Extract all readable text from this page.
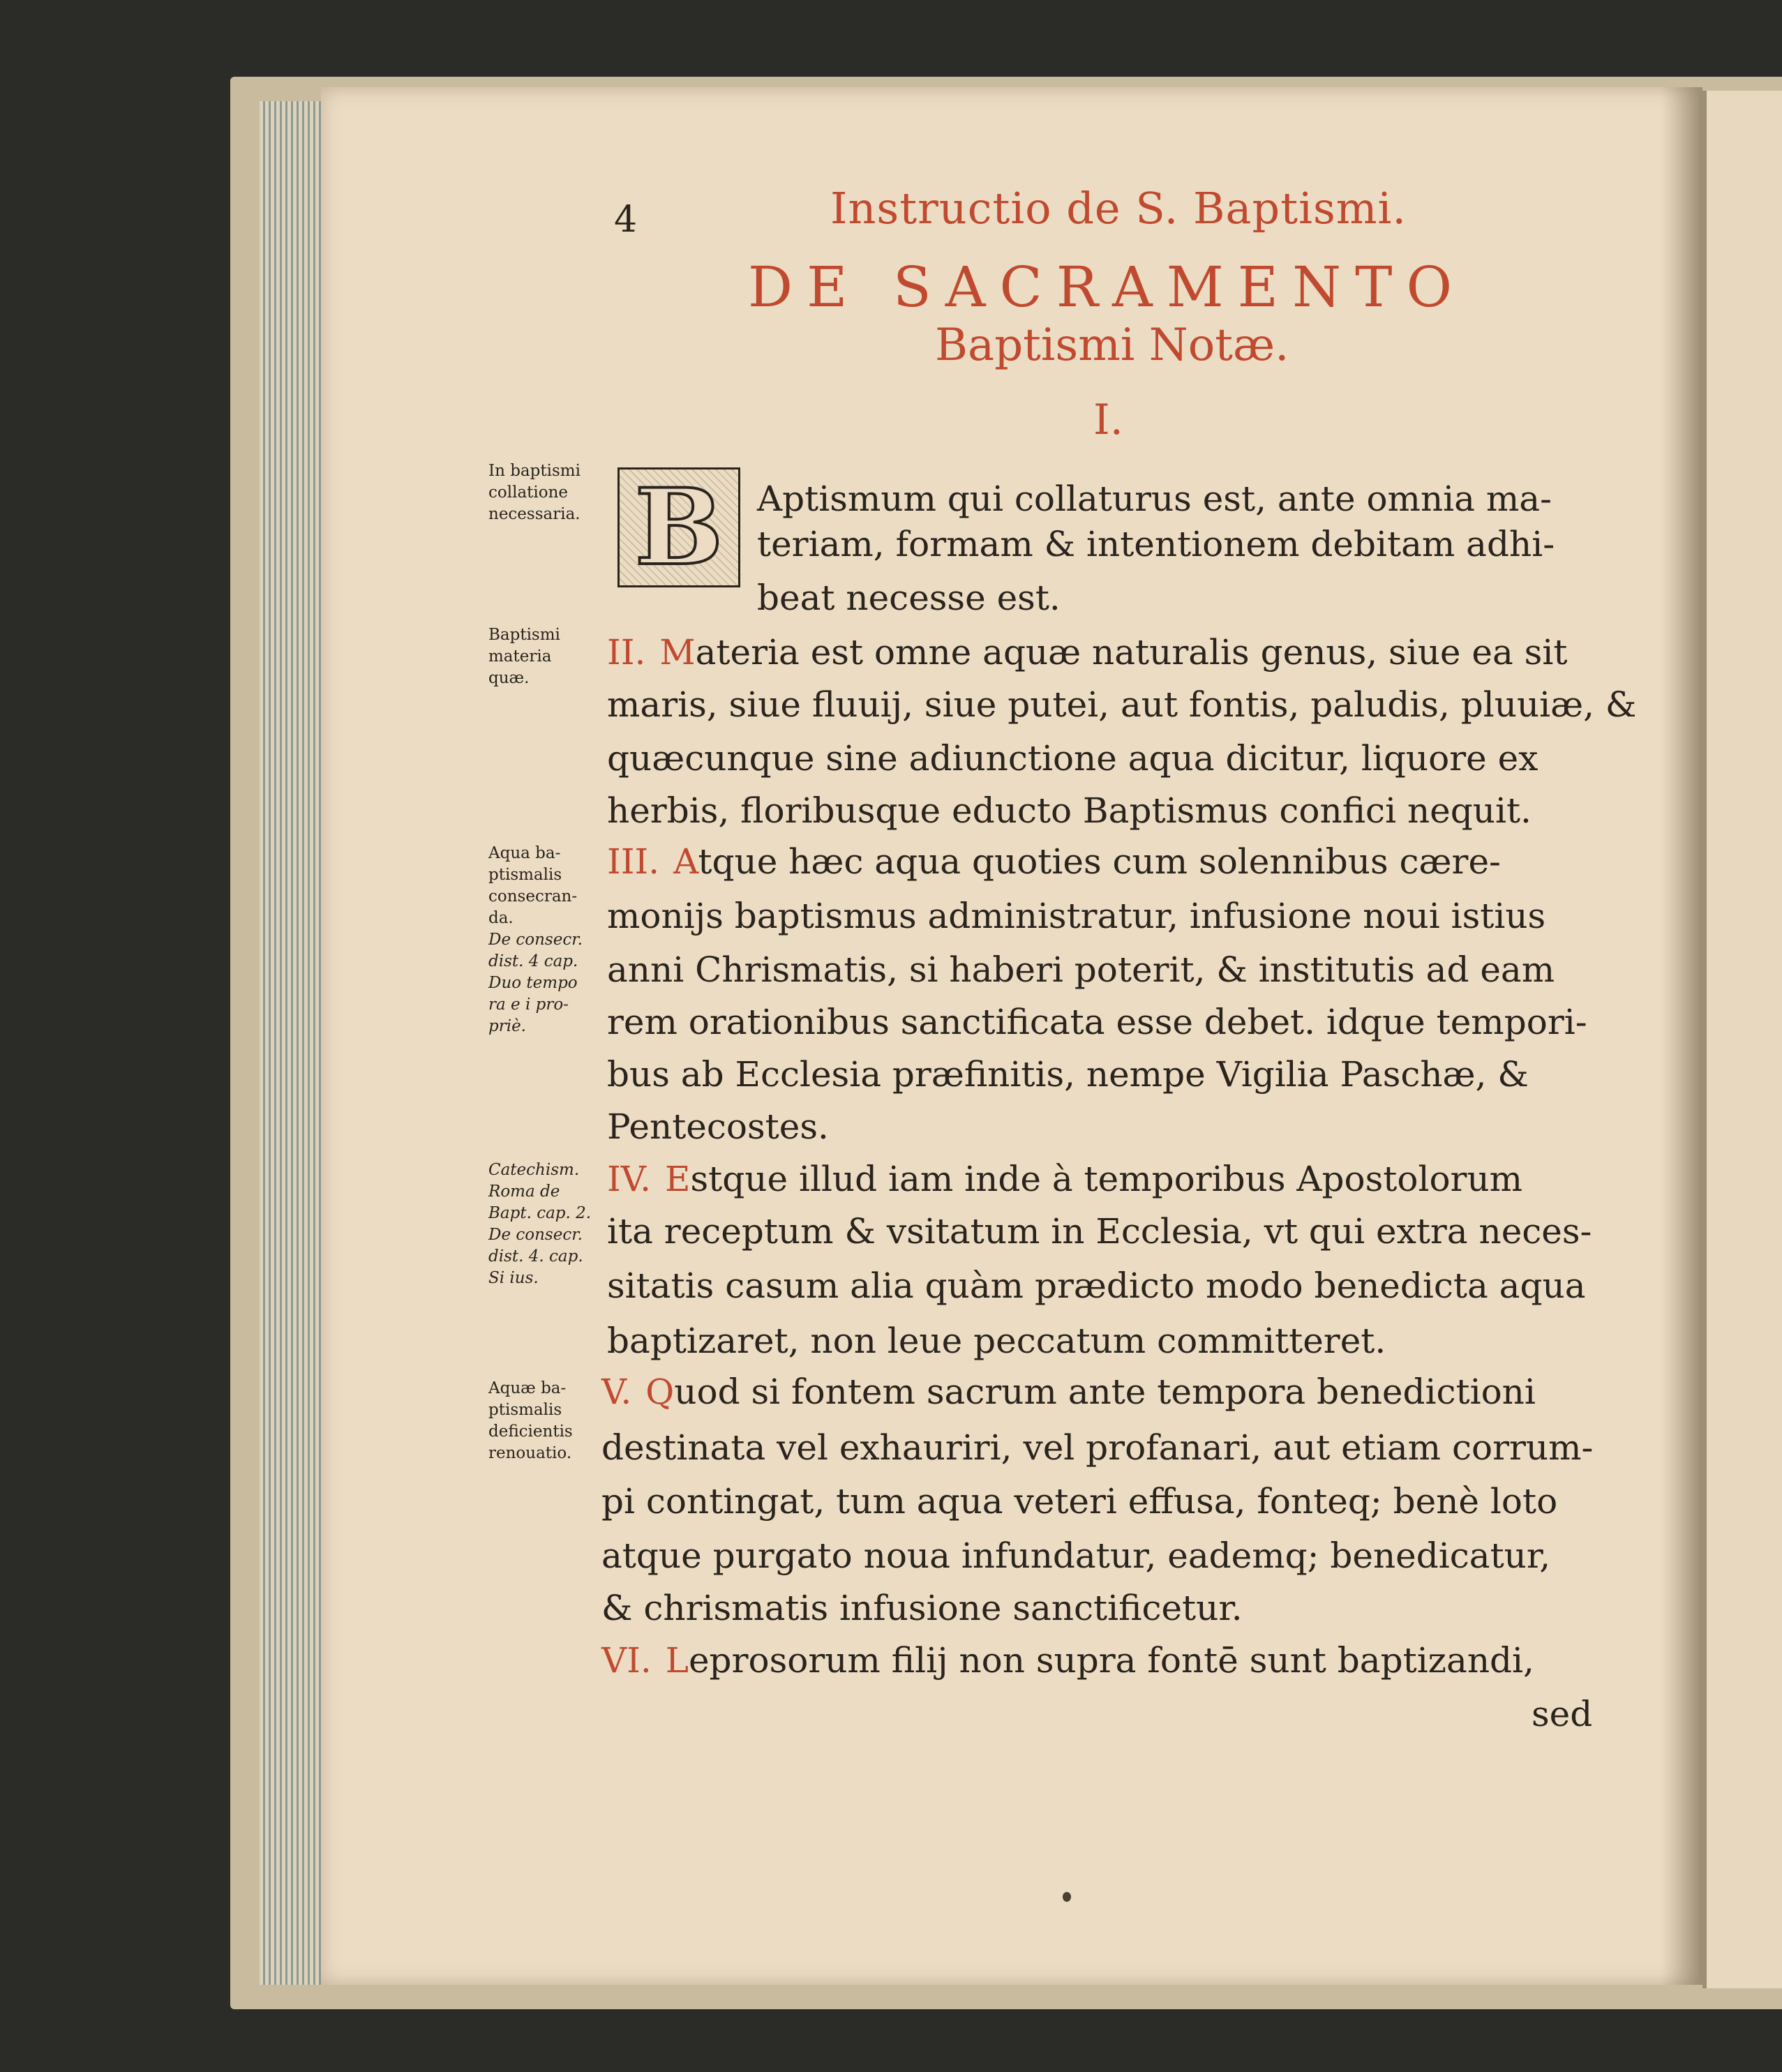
4	Instructio de S. Baptismi.
DE SACRAMENTO
Baptismi Notæ.
I.
B
In baptismi
collatione
necessaria.
Baptismi
materia
quæ.
Aqua ba-
ptismalis
consecran-
da.
De consecr.
dist. 4 cap.
Duo tempo
ra e i pro-
priè.
Catechism.
Roma de
Bapt. cap. 2.
De consecr.
dist. 4. cap.
Si ius.
Aquæ ba-
ptismalis
deficientis
renouatio.
Aptismum qui collaturus est, ante omnia ma-
teriam, formam & intentionem debitam adhi-
beat necesse est.
II. Materia est omne aquæ naturalis genus, siue ea sit
maris, siue fluuij, siue putei, aut fontis, paludis, pluuiæ, &
quæcunque sine adiunctione aqua dicitur, liquore ex
herbis, floribusque educto Baptismus confici nequit.
III. Atque hæc aqua quoties cum solennibus cære-
monijs baptismus administratur, infusione noui istius
anni Chrismatis, si haberi poterit, & institutis ad eam
rem orationibus sanctificata esse debet. idque tempori-
bus ab Ecclesia præfinitis, nempe Vigilia Paschæ, &
Pentecostes.
IV. Estque illud iam inde à temporibus Apostolorum
ita receptum & vsitatum in Ecclesia, vt qui extra neces-
sitatis casum alia quàm prædicto modo benedicta aqua
baptizaret, non leue peccatum committeret.
V. Quod si fontem sacrum ante tempora benedictioni
destinata vel exhauriri, vel profanari, aut etiam corrum-
pi contingat, tum aqua veteri effusa, fonteq; benè loto
atque purgato noua infundatur, eademq; benedicatur,
& chrismatis infusione sanctificetur.
VI. Leprosorum filij non supra fontē sunt baptizandi,
sed
